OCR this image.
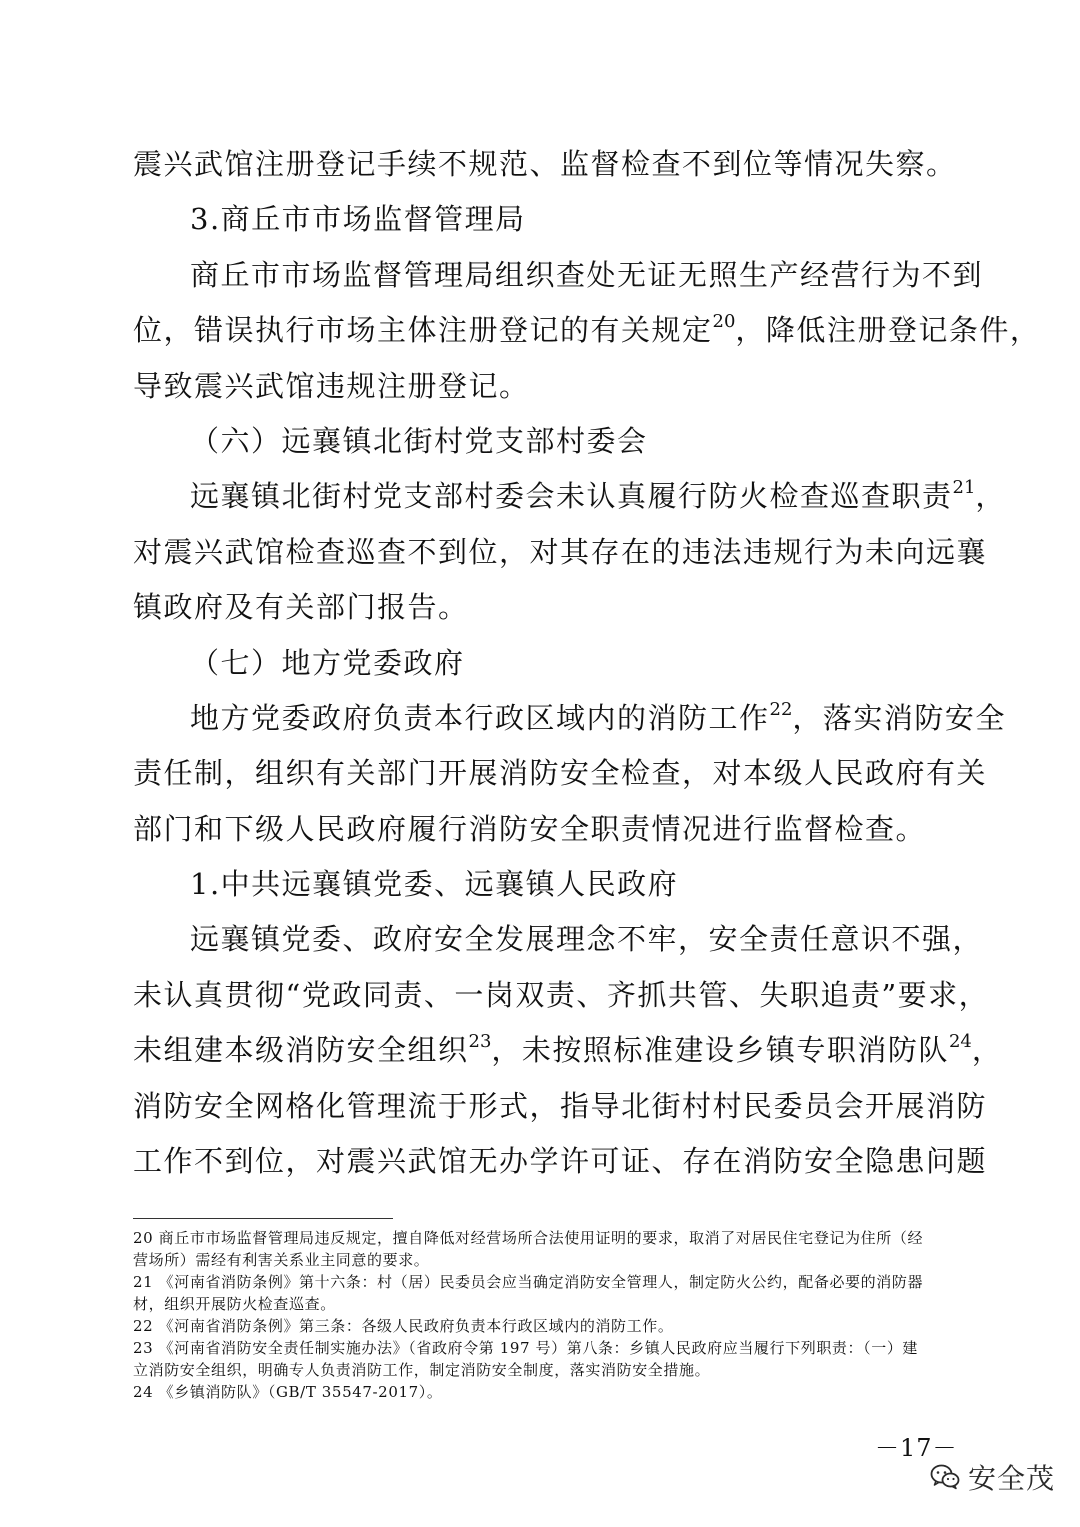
震兴武馆注册登记手续不规范、监督检查不到位等情况失察。
3.商丘市市场监督管理局
商丘市市场监督管理局组织查处无证无照生产经营行为不到
位，错误执行市场主体注册登记的有关规定$^{20}$，降低注册登记条件，
导致震兴武馆违规注册登记。
（六）远襄镇北街村党支部村委会
远襄镇北街村党支部村委会未认真履行防火检查巡查职责$^{21}$，
对震兴武馆检查巡查不到位，对其存在的违法违规行为未向远襄
镇政府及有关部门报告。
（七）地方党委政府
地方党委政府负责本行政区域内的消防工作$^{22}$，落实消防安全
责任制，组织有关部门开展消防安全检查，对本级人民政府有关
部门和下级人民政府履行消防安全职责情况进行监督检查。
1.中共远襄镇党委、远襄镇人民政府
远襄镇党委、政府安全发展理念不牢，安全责任意识不强，
未认真贯彻“党政同责、一岗双责、齐抓共管、失职追责”要求，
未组建本级消防安全组织$^{23}$，未按照标准建设乡镇专职消防队$^{24}$，
消防安全网格化管理流于形式，指导北街村村民委员会开展消防
工作不到位，对震兴武馆无办学许可证、存在消防安全隐患问题
20 商丘市市场监督管理局违反规定，擅自降低对经营场所合法使用证明的要求，取消了对居民住宅登记为住所（经
营场所）需经有利害关系业主同意的要求。
21 《河南省消防条例》第十六条：村（居）民委员会应当确定消防安全管理人，制定防火公约，配备必要的消防器
材，组织开展防火检查巡查。
22 《河南省消防条例》第三条：各级人民政府负责本行政区域内的消防工作。
23 《河南省消防安全责任制实施办法》（省政府令第 197 号）第八条：乡镇人民政府应当履行下列职责：（一）建
立消防安全组织，明确专人负责消防工作，制定消防安全制度，落实消防安全措施。
24 《乡镇消防队》（GB/T 35547-2017）。
－17－
安全茂
